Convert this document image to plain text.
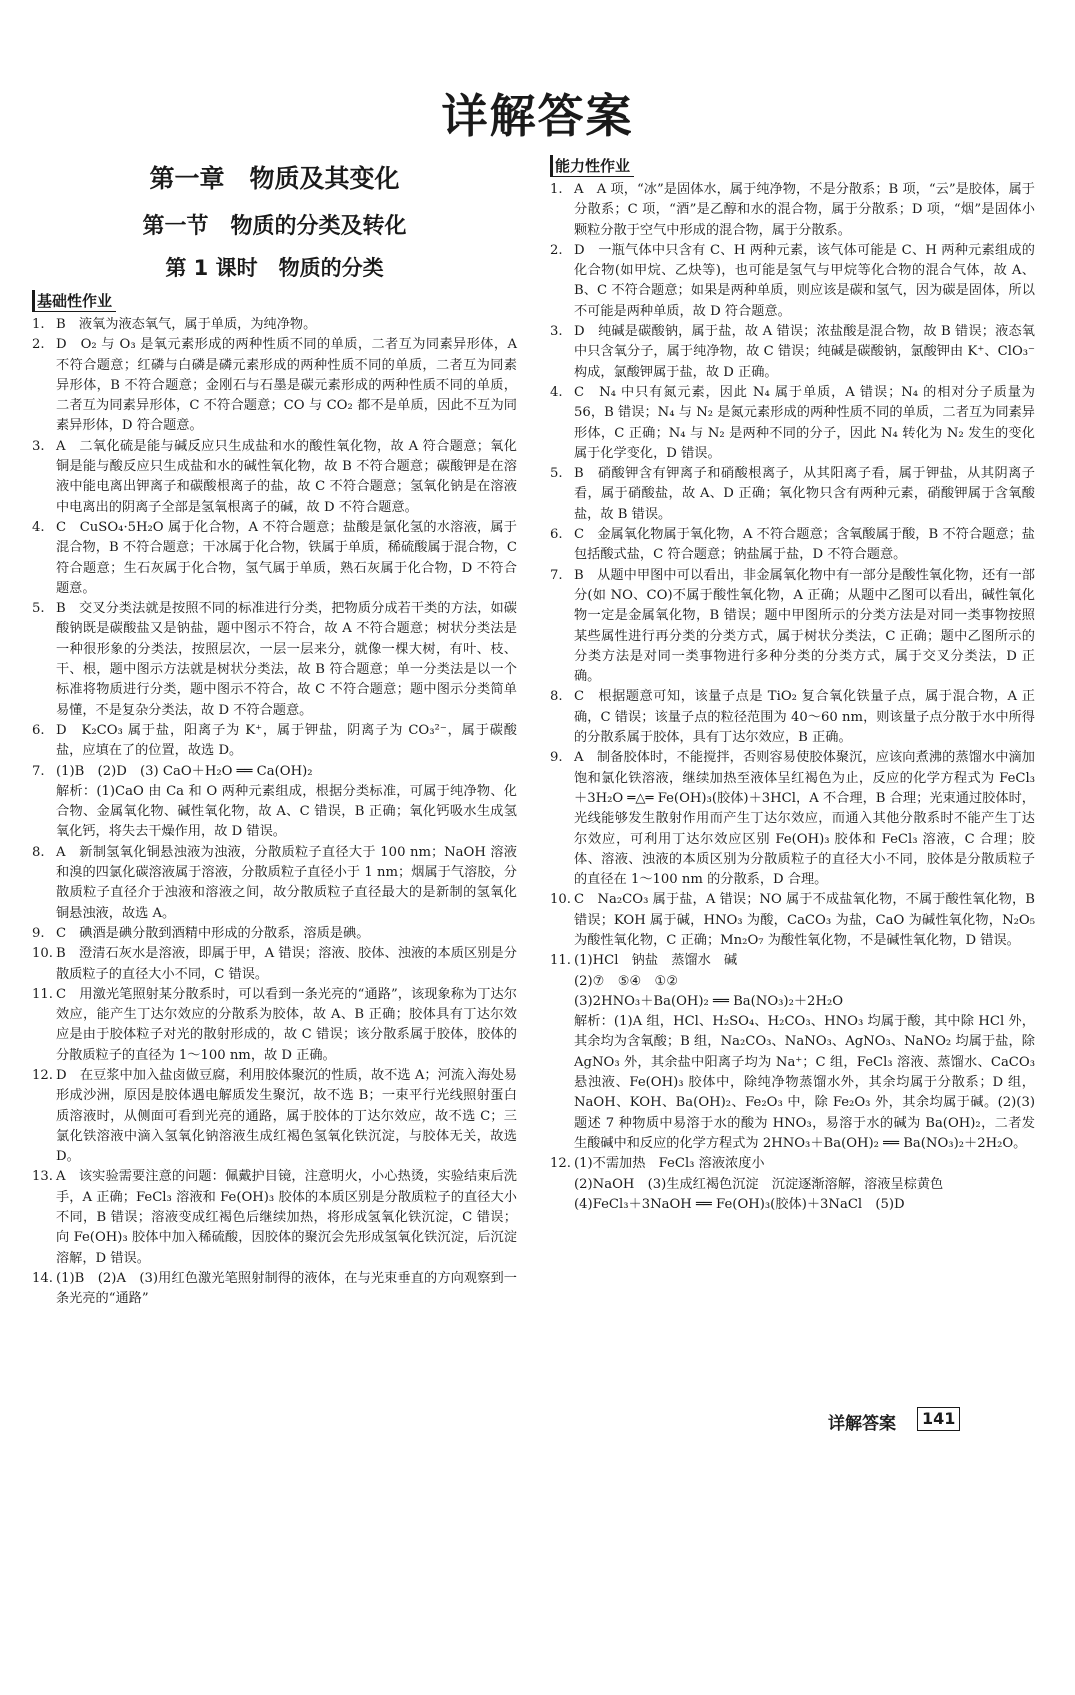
详解答案
第一章　物质及其变化
第一节　物质的分类及转化
第 1 课时　物质的分类
基础性作业
1. B　液氧为液态氧气，属于单质，为纯净物。
2. D　O₂ 与 O₃ 是氧元素形成的两种性质不同的单质，二者互为同素异形体，A 不符合题意；红磷与白磷是磷元素形成的两种性质不同的单质，二者互为同素异形体，B 不符合题意；金刚石与石墨是碳元素形成的两种性质不同的单质，二者互为同素异形体，C 不符合题意；CO 与 CO₂ 都不是单质，因此不互为同素异形体，D 符合题意。
3. A　二氧化硫是能与碱反应只生成盐和水的酸性氧化物，故 A 符合题意；氧化铜是能与酸反应只生成盐和水的碱性氧化物，故 B 不符合题意；碳酸钾是在溶液中能电离出钾离子和碳酸根离子的盐，故 C 不符合题意；氢氧化钠是在溶液中电离出的阴离子全部是氢氧根离子的碱，故 D 不符合题意。
4. C　CuSO₄·5H₂O 属于化合物，A 不符合题意；盐酸是氯化氢的水溶液，属于混合物，B 不符合题意；干冰属于化合物，铁属于单质，稀硫酸属于混合物，C 符合题意；生石灰属于化合物，氢气属于单质，熟石灰属于化合物，D 不符合题意。
5. B　交叉分类法就是按照不同的标准进行分类，把物质分成若干类的方法，如碳酸钠既是碳酸盐又是钠盐，题中图示不符合，故 A 不符合题意；树状分类法是一种很形象的分类法，按照层次，一层一层来分，就像一棵大树，有叶、枝、干、根，题中图示方法就是树状分类法，故 B 符合题意；单一分类法是以一个标准将物质进行分类，题中图示不符合，故 C 不符合题意；题中图示分类简单易懂，不是复杂分类法，故 D 不符合题意。
6. D　K₂CO₃ 属于盐，阳离子为 K⁺，属于钾盐，阴离子为 CO₃²⁻，属于碳酸盐，应填在了的位置，故选 D。
7. (1)B　(2)D　(3) CaO＋H₂O ══ Ca(OH)₂
解析：(1)CaO 由 Ca 和 O 两种元素组成，根据分类标准，可属于纯净物、化合物、金属氧化物、碱性氧化物，故 A、C 错误，B 正确；氧化钙吸水生成氢氧化钙，将失去干燥作用，故 D 错误。
8. A　新制氢氧化铜悬浊液为浊液，分散质粒子直径大于 100 nm；NaOH 溶液和溴的四氯化碳溶液属于溶液，分散质粒子直径小于 1 nm；烟属于气溶胶，分散质粒子直径介于浊液和溶液之间，故分散质粒子直径最大的是新制的氢氧化铜悬浊液，故选 A。
9. C　碘酒是碘分散到酒精中形成的分散系，溶质是碘。
10. B　澄清石灰水是溶液，即属于甲，A 错误；溶液、胶体、浊液的本质区别是分散质粒子的直径大小不同，C 错误。
11. C　用激光笔照射某分散系时，可以看到一条光亮的“通路”，该现象称为丁达尔效应，能产生丁达尔效应的分散系为胶体，故 A、B 正确；胶体具有丁达尔效应是由于胶体粒子对光的散射形成的，故 C 错误；该分散系属于胶体，胶体的分散质粒子的直径为 1～100 nm，故 D 正确。
12. D　在豆浆中加入盐卤做豆腐，利用胶体聚沉的性质，故不选 A；河流入海处易形成沙洲，原因是胶体遇电解质发生聚沉，故不选 B；一束平行光线照射蛋白质溶液时，从侧面可看到光亮的通路，属于胶体的丁达尔效应，故不选 C；三氯化铁溶液中滴入氢氧化钠溶液生成红褐色氢氧化铁沉淀，与胶体无关，故选 D。
13. A　该实验需要注意的问题：佩戴护目镜，注意明火，小心热烫，实验结束后洗手，A 正确；FeCl₃ 溶液和 Fe(OH)₃ 胶体的本质区别是分散质粒子的直径大小不同，B 错误；溶液变成红褐色后继续加热，将形成氢氧化铁沉淀，C 错误；向 Fe(OH)₃ 胶体中加入稀硫酸，因胶体的聚沉会先形成氢氧化铁沉淀，后沉淀溶解，D 错误。
14. (1)B　(2)A　(3)用红色激光笔照射制得的液体，在与光束垂直的方向观察到一条光亮的“通路”
能力性作业
1. A　A 项，“冰”是固体水，属于纯净物，不是分散系；B 项，“云”是胶体，属于分散系；C 项，“酒”是乙醇和水的混合物，属于分散系；D 项，“烟”是固体小颗粒分散于空气中形成的混合物，属于分散系。
2. D　一瓶气体中只含有 C、H 两种元素，该气体可能是 C、H 两种元素组成的化合物(如甲烷、乙炔等)，也可能是氢气与甲烷等化合物的混合气体，故 A、B、C 不符合题意；如果是两种单质，则应该是碳和氢气，因为碳是固体，所以不可能是两种单质，故 D 符合题意。
3. D　纯碱是碳酸钠，属于盐，故 A 错误；浓盐酸是混合物，故 B 错误；液态氧中只含氧分子，属于纯净物，故 C 错误；纯碱是碳酸钠，氯酸钾由 K⁺、ClO₃⁻ 构成，氯酸钾属于盐，故 D 正确。
4. C　N₄ 中只有氮元素，因此 N₄ 属于单质，A 错误；N₄ 的相对分子质量为 56，B 错误；N₄ 与 N₂ 是氮元素形成的两种性质不同的单质，二者互为同素异形体，C 正确；N₄ 与 N₂ 是两种不同的分子，因此 N₄ 转化为 N₂ 发生的变化属于化学变化，D 错误。
5. B　硝酸钾含有钾离子和硝酸根离子，从其阳离子看，属于钾盐，从其阴离子看，属于硝酸盐，故 A、D 正确；氧化物只含有两种元素，硝酸钾属于含氧酸盐，故 B 错误。
6. C　金属氧化物属于氧化物，A 不符合题意；含氧酸属于酸，B 不符合题意；盐包括酸式盐，C 符合题意；钠盐属于盐，D 不符合题意。
7. B　从题中甲图中可以看出，非金属氧化物中有一部分是酸性氧化物，还有一部分(如 NO、CO)不属于酸性氧化物，A 正确；从题中乙图可以看出，碱性氧化物一定是金属氧化物，B 错误；题中甲图所示的分类方法是对同一类事物按照某些属性进行再分类的分类方式，属于树状分类法，C 正确；题中乙图所示的分类方法是对同一类事物进行多种分类的分类方式，属于交叉分类法，D 正确。
8. C　根据题意可知，该量子点是 TiO₂ 复合氧化铁量子点，属于混合物，A 正确，C 错误；该量子点的粒径范围为 40～60 nm，则该量子点分散于水中所得的分散系属于胶体，具有丁达尔效应，B 正确。
9. A　制备胶体时，不能搅拌，否则容易使胶体聚沉，应该向煮沸的蒸馏水中滴加饱和氯化铁溶液，继续加热至液体呈红褐色为止，反应的化学方程式为 FeCl₃＋3H₂O ═△═ Fe(OH)₃(胶体)＋3HCl，A 不合理，B 合理；光束通过胶体时，光线能够发生散射作用而产生丁达尔效应，而通入其他分散系时不能产生丁达尔效应，可利用丁达尔效应区别 Fe(OH)₃ 胶体和 FeCl₃ 溶液，C 合理；胶体、溶液、浊液的本质区别为分散质粒子的直径大小不同，胶体是分散质粒子的直径在 1～100 nm 的分散系，D 合理。
10. C　Na₂CO₃ 属于盐，A 错误；NO 属于不成盐氧化物，不属于酸性氧化物，B 错误；KOH 属于碱，HNO₃ 为酸，CaCO₃ 为盐，CaO 为碱性氧化物，N₂O₅ 为酸性氧化物，C 正确；Mn₂O₇ 为酸性氧化物，不是碱性氧化物，D 错误。
11. (1)HCl　钠盐　蒸馏水　碱
(2)⑦　⑤④　①②
(3)2HNO₃＋Ba(OH)₂ ══ Ba(NO₃)₂＋2H₂O
解析：(1)A 组，HCl、H₂SO₄、H₂CO₃、HNO₃ 均属于酸，其中除 HCl 外，其余均为含氧酸；B 组，Na₂CO₃、NaNO₃、AgNO₃、NaNO₂ 均属于盐，除 AgNO₃ 外，其余盐中阳离子均为 Na⁺；C 组，FeCl₃ 溶液、蒸馏水、CaCO₃ 悬浊液、Fe(OH)₃ 胶体中，除纯净物蒸馏水外，其余均属于分散系；D 组，NaOH、KOH、Ba(OH)₂、Fe₂O₃ 中，除 Fe₂O₃ 外，其余均属于碱。(2)(3)题述 7 种物质中易溶于水的酸为 HNO₃，易溶于水的碱为 Ba(OH)₂，二者发生酸碱中和反应的化学方程式为 2HNO₃＋Ba(OH)₂ ══ Ba(NO₃)₂＋2H₂O。
12. (1)不需加热　FeCl₃ 溶液浓度小
(2)NaOH　(3)生成红褐色沉淀　沉淀逐渐溶解，溶液呈棕黄色
(4)FeCl₃＋3NaOH ══ Fe(OH)₃(胶体)＋3NaCl　(5)D
详解答案	141
